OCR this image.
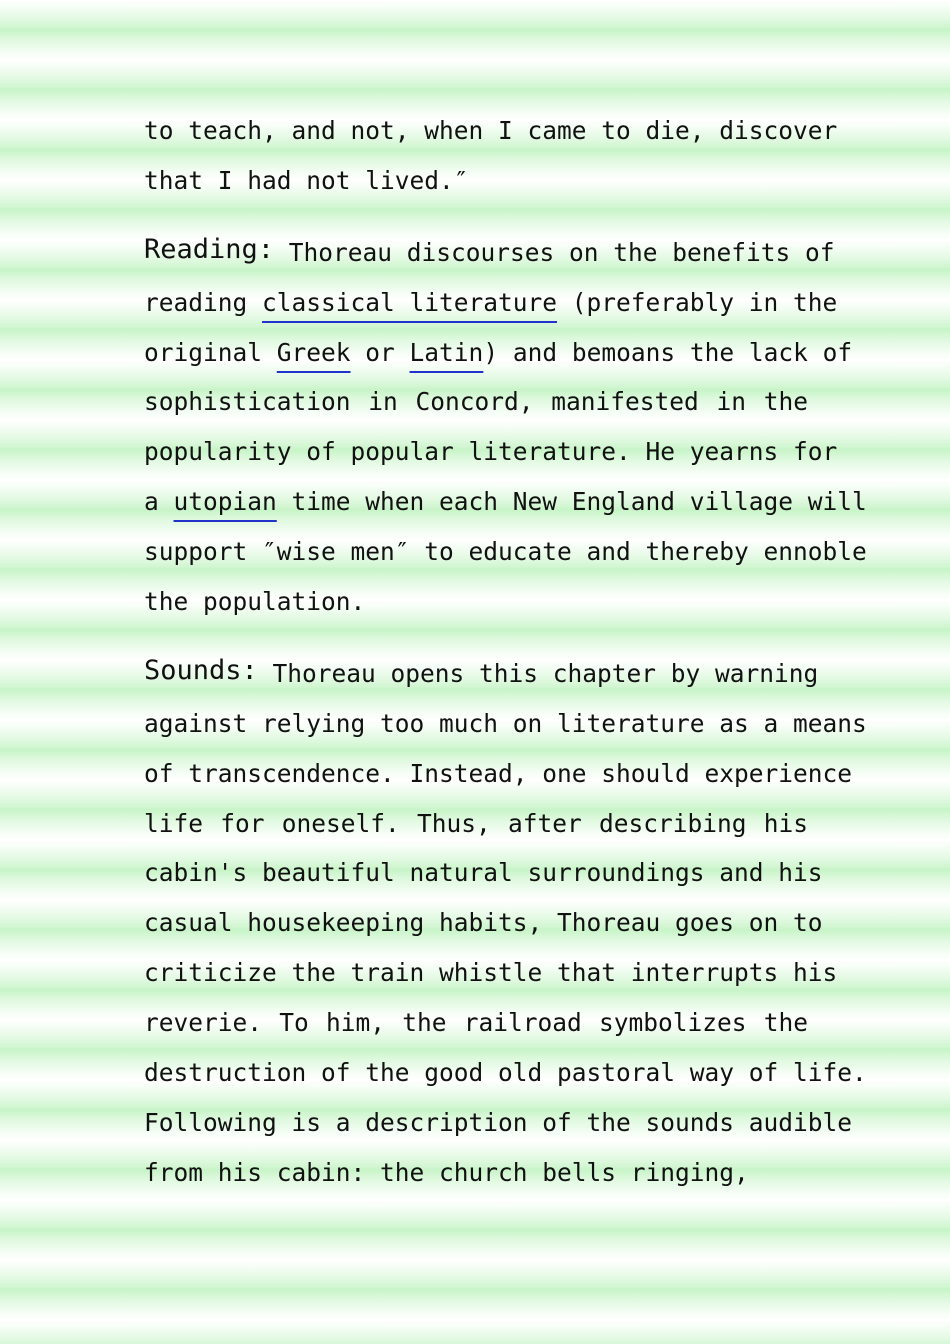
to teach, and not, when I came to die, discover
that I had not lived.″
Reading: Thoreau discourses on the benefits of
reading classical literature (preferably in the
original Greek or Latin) and bemoans the lack of
sophistication in Concord, manifested in the
popularity of popular literature. He yearns for
a utopian time when each New England village will
support ″wise men″ to educate and thereby ennoble
the population.
Sounds: Thoreau opens this chapter by warning
against relying too much on literature as a means
of transcendence. Instead, one should experience
life for oneself. Thus, after describing his
cabin's beautiful natural surroundings and his
casual housekeeping habits, Thoreau goes on to
criticize the train whistle that interrupts his
reverie. To him, the railroad symbolizes the
destruction of the good old pastoral way of life.
Following is a description of the sounds audible
from his cabin: the church bells ringing,
